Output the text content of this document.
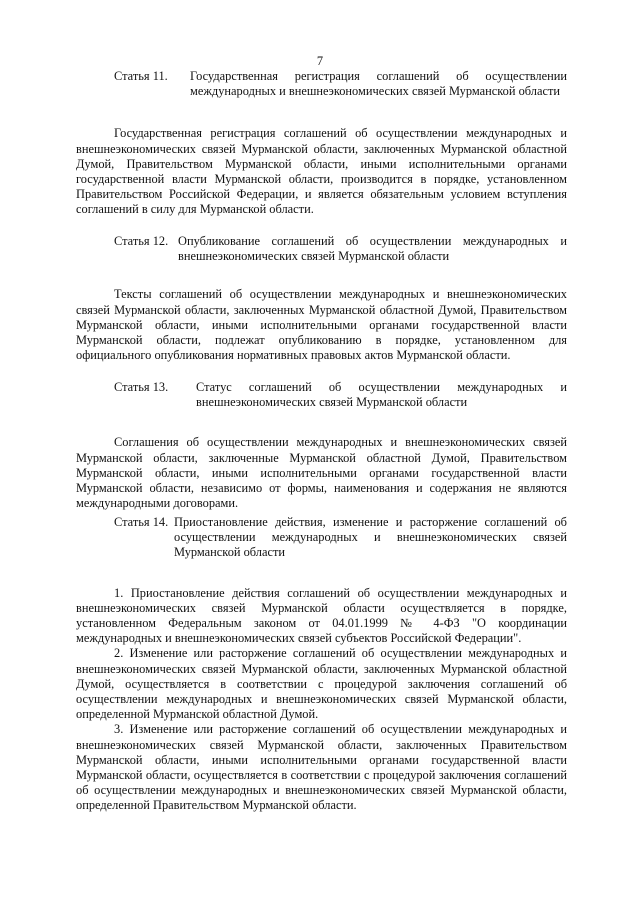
7
Статья 11.	Государственная регистрация соглашений об осуществлении международных и внешнеэкономических связей Мурманской области

Государственная регистрация соглашений об осуществлении международных и внешнеэкономических связей Мурманской области, заключенных Мурманской областной Думой, Правительством Мурманской области, иными исполнительными органами государственной власти Мурманской области, производится в порядке, установленном Правительством Российской Федерации, и является обязательным условием вступления соглашений в силу для Мурманской области.

Статья 12. Опубликование соглашений об осуществлении международных и внешнеэкономических связей Мурманской области

Тексты соглашений об осуществлении международных и внешнеэкономических связей Мурманской области, заключенных Мурманской областной Думой, Правительством Мурманской области, иными исполнительными органами государственной власти Мурманской области, подлежат опубликованию в порядке, установленном для официального опубликования нормативных правовых актов Мурманской области.

Статья 13.	Статус соглашений об осуществлении международных и внешнеэкономических связей Мурманской области

Соглашения об осуществлении международных и внешнеэкономических связей Мурманской области, заключенные Мурманской областной Думой, Правительством Мурманской области, иными исполнительными органами государственной власти Мурманской области, независимо от формы, наименования и содержания не являются международными договорами.

Статья 14. Приостановление действия, изменение и расторжение соглашений об осуществлении международных и внешнеэкономических связей Мурманской области

1. Приостановление действия соглашений об осуществлении международных и внешнеэкономических связей Мурманской области осуществляется в порядке, установленном Федеральным законом от 04.01.1999 № 4-ФЗ "О координации международных и внешнеэкономических связей субъектов Российской Федерации".

2. Изменение или расторжение соглашений об осуществлении международных и внешнеэкономических связей Мурманской области, заключенных Мурманской областной Думой, осуществляется в соответствии с процедурой заключения соглашений об осуществлении международных и внешнеэкономических связей Мурманской области, определенной Мурманской областной Думой.

3. Изменение или расторжение соглашений об осуществлении международных и внешнеэкономических связей Мурманской области, заключенных Правительством Мурманской области, иными исполнительными органами государственной власти Мурманской области, осуществляется в соответствии с процедурой заключения соглашений об осуществлении международных и внешнеэкономических связей Мурманской области, определенной Правительством Мурманской области.
